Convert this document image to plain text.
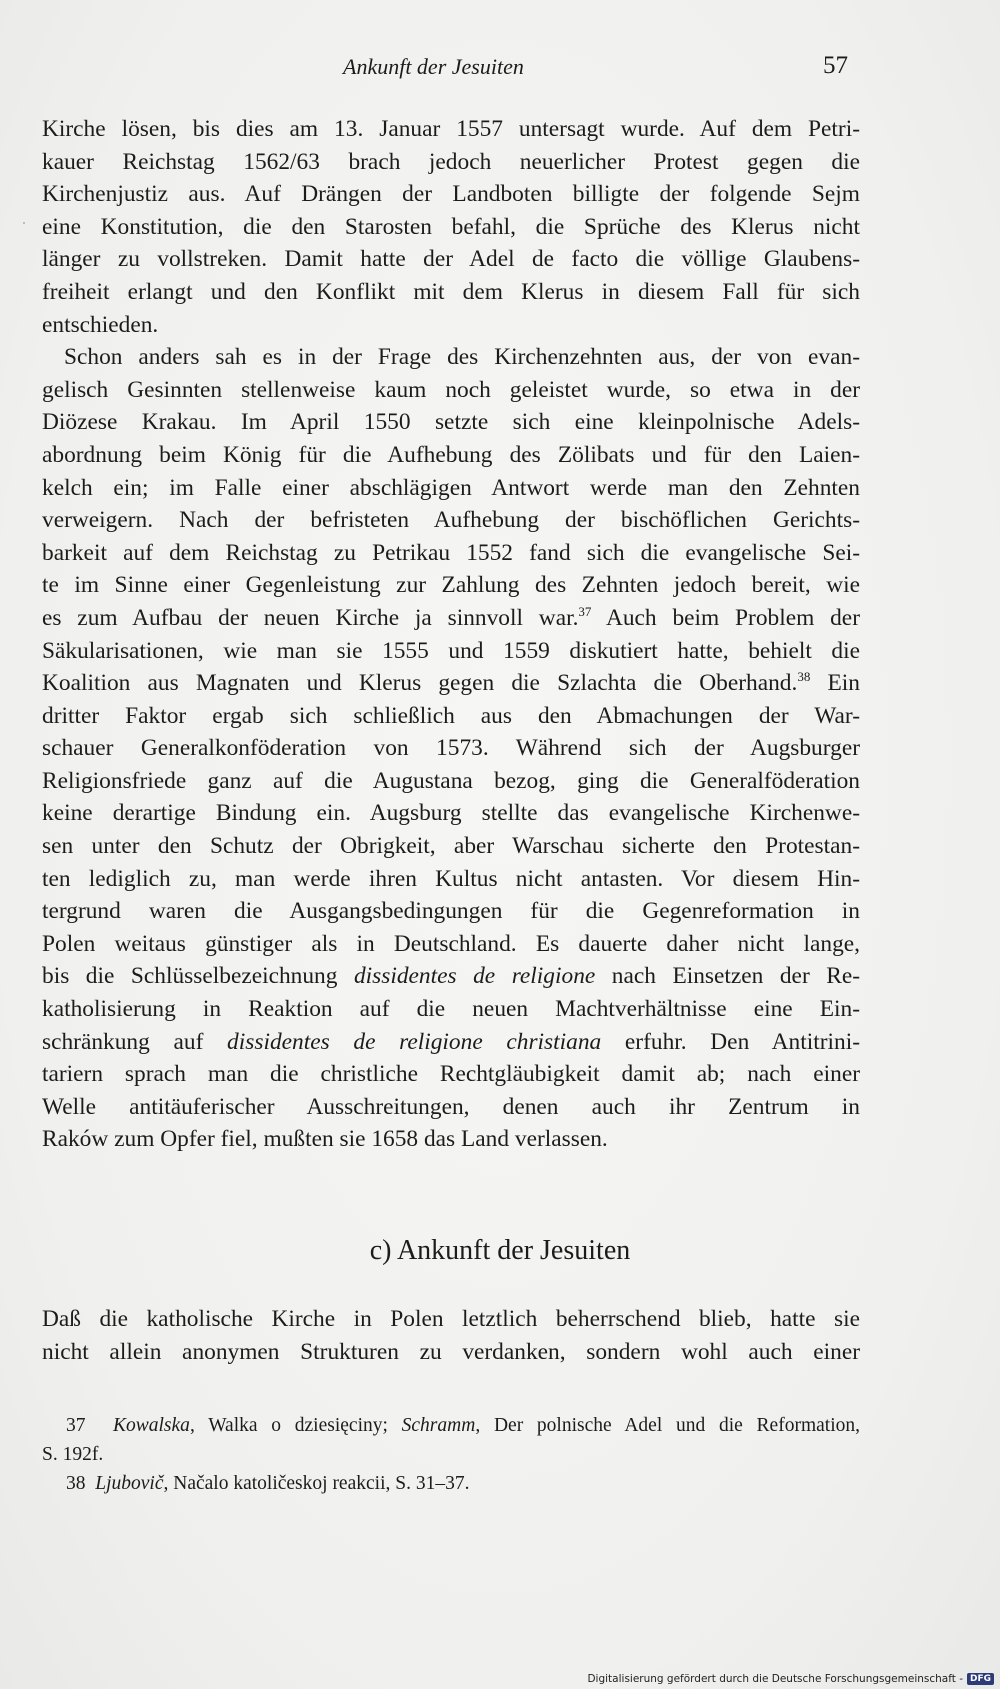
Ankunft der Jesuiten	57
Kirche lösen, bis dies am 13. Januar 1557 untersagt wurde. Auf dem Petri-
kauer Reichstag 1562/63 brach jedoch neuerlicher Protest gegen die
Kirchenjustiz aus. Auf Drängen der Landboten billigte der folgende Sejm
eine Konstitution, die den Starosten befahl, die Sprüche des Klerus nicht
länger zu vollstreken. Damit hatte der Adel de facto die völlige Glaubens-
freiheit erlangt und den Konflikt mit dem Klerus in diesem Fall für sich
entschieden.
Schon anders sah es in der Frage des Kirchenzehnten aus, der von evan-
gelisch Gesinnten stellenweise kaum noch geleistet wurde, so etwa in der
Diözese Krakau. Im April 1550 setzte sich eine kleinpolnische Adels-
abordnung beim König für die Aufhebung des Zölibats und für den Laien-
kelch ein; im Falle einer abschlägigen Antwort werde man den Zehnten
verweigern. Nach der befristeten Aufhebung der bischöflichen Gerichts-
barkeit auf dem Reichstag zu Petrikau 1552 fand sich die evangelische Sei-
te im Sinne einer Gegenleistung zur Zahlung des Zehnten jedoch bereit, wie
es zum Aufbau der neuen Kirche ja sinnvoll war.$^{37}$ Auch beim Problem der
Säkularisationen, wie man sie 1555 und 1559 diskutiert hatte, behielt die
Koalition aus Magnaten und Klerus gegen die Szlachta die Oberhand.$^{38}$ Ein
dritter Faktor ergab sich schließlich aus den Abmachungen der War-
schauer Generalkonföderation von 1573. Während sich der Augsburger
Religionsfriede ganz auf die Augustana bezog, ging die Generalföderation
keine derartige Bindung ein. Augsburg stellte das evangelische Kirchenwe-
sen unter den Schutz der Obrigkeit, aber Warschau sicherte den Protestan-
ten lediglich zu, man werde ihren Kultus nicht antasten. Vor diesem Hin-
tergrund waren die Ausgangsbedingungen für die Gegenreformation in
Polen weitaus günstiger als in Deutschland. Es dauerte daher nicht lange,
bis die Schlüsselbezeichnung dissidentes de religione nach Einsetzen der Re-
katholisierung in Reaktion auf die neuen Machtverhältnisse eine Ein-
schränkung auf dissidentes de religione christiana erfuhr. Den Antitrini-
tariern sprach man die christliche Rechtgläubigkeit damit ab; nach einer
Welle antitäuferischer Ausschreitungen, denen auch ihr Zentrum in
Raków zum Opfer fiel, mußten sie 1658 das Land verlassen.
c) Ankunft der Jesuiten
Daß die katholische Kirche in Polen letztlich beherrschend blieb, hatte sie
nicht allein anonymen Strukturen zu verdanken, sondern wohl auch einer
37 Kowalska, Walka o dziesięciny; Schramm, Der polnische Adel und die Reformation,
S. 192f.
38 Ljubovič, Načalo katoličeskoj reakcii, S. 31–37.
Digitalisierung gefördert durch die Deutsche Forschungsgemeinschaft - DFG
